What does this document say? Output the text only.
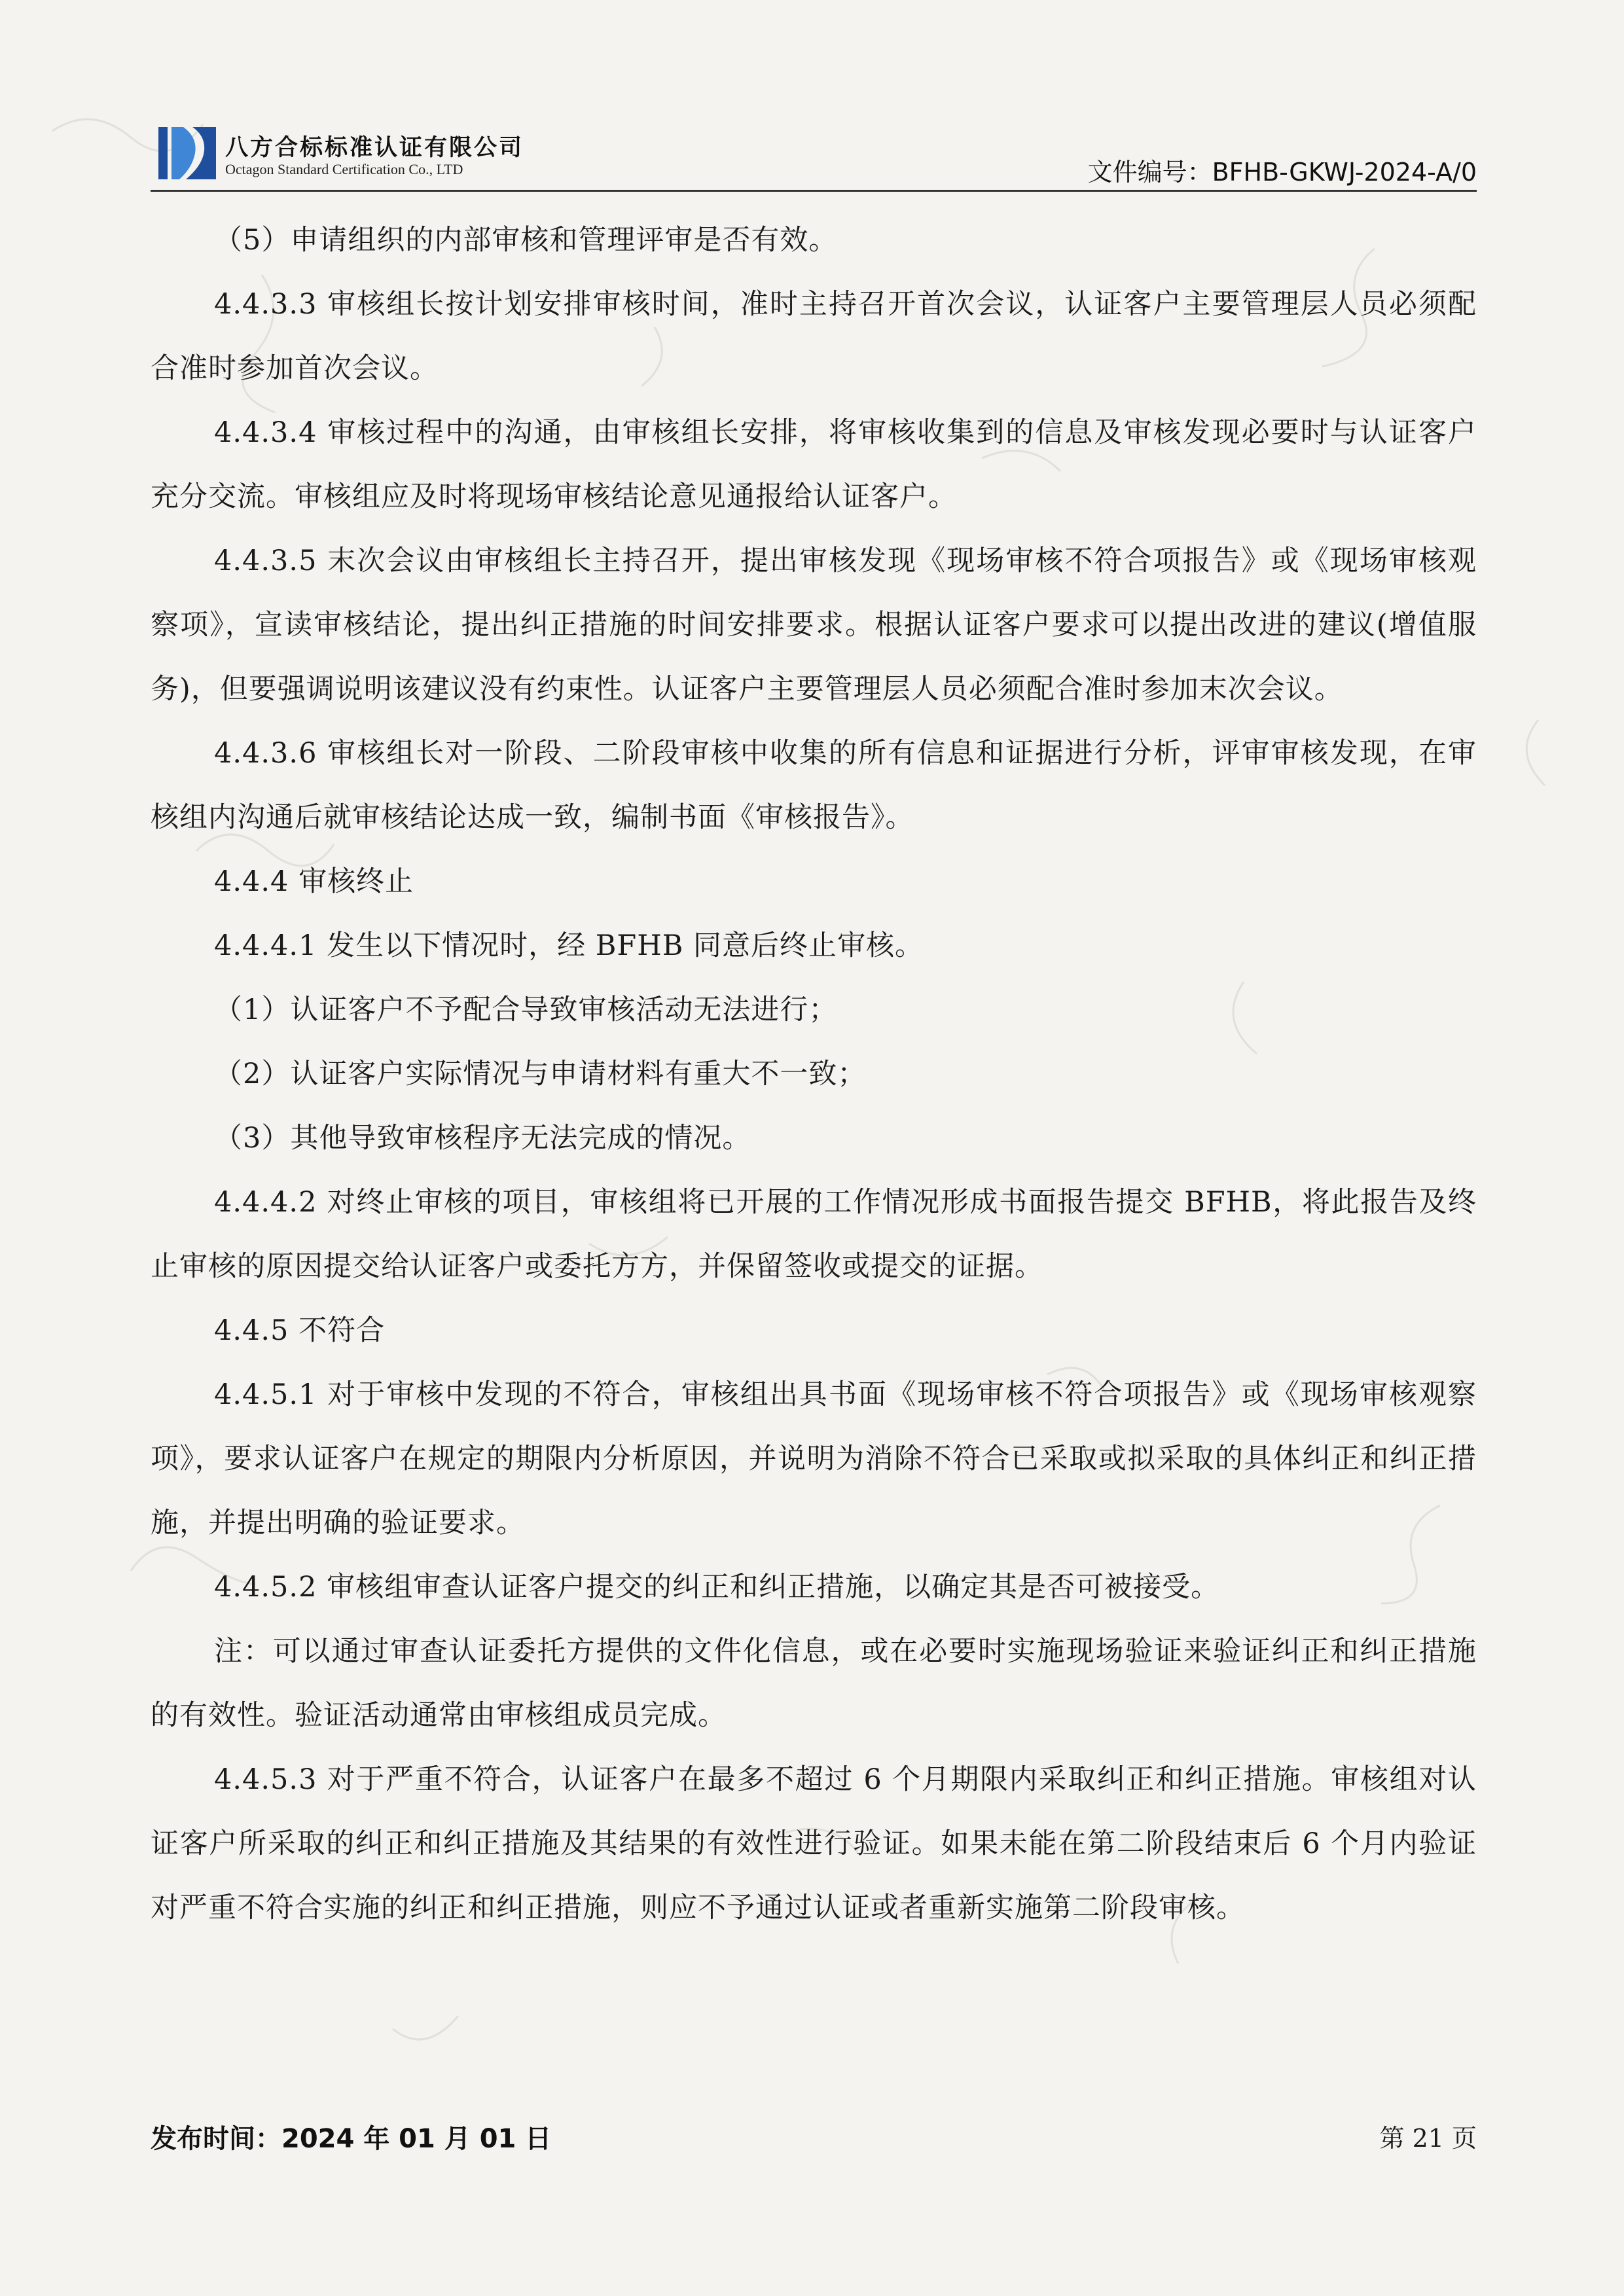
八方合标标准认证有限公司
Octagon Standard Certification Co., LTD	文件编号：BFHB-GKWJ-2024-A/0

（5）申请组织的内部审核和管理评审是否有效。

4.4.3.3 审核组长按计划安排审核时间，准时主持召开首次会议，认证客户主要管理层人员必须配合准时参加首次会议。

4.4.3.4 审核过程中的沟通，由审核组长安排，将审核收集到的信息及审核发现必要时与认证客户充分交流。审核组应及时将现场审核结论意见通报给认证客户。

4.4.3.5 末次会议由审核组长主持召开，提出审核发现《现场审核不符合项报告》或《现场审核观察项》，宣读审核结论，提出纠正措施的时间安排要求。根据认证客户要求可以提出改进的建议(增值服务)，但要强调说明该建议没有约束性。认证客户主要管理层人员必须配合准时参加末次会议。

4.4.3.6 审核组长对一阶段、二阶段审核中收集的所有信息和证据进行分析，评审审核发现，在审核组内沟通后就审核结论达成一致，编制书面《审核报告》。

4.4.4 审核终止

4.4.4.1 发生以下情况时，经 BFHB 同意后终止审核。

（1）认证客户不予配合导致审核活动无法进行；

（2）认证客户实际情况与申请材料有重大不一致；

（3）其他导致审核程序无法完成的情况。

4.4.4.2 对终止审核的项目，审核组将已开展的工作情况形成书面报告提交 BFHB，将此报告及终止审核的原因提交给认证客户或委托方方，并保留签收或提交的证据。

4.4.5 不符合

4.4.5.1 对于审核中发现的不符合，审核组出具书面《现场审核不符合项报告》或《现场审核观察项》，要求认证客户在规定的期限内分析原因，并说明为消除不符合已采取或拟采取的具体纠正和纠正措施，并提出明确的验证要求。

4.4.5.2 审核组审查认证客户提交的纠正和纠正措施，以确定其是否可被接受。

注：可以通过审查认证委托方提供的文件化信息，或在必要时实施现场验证来验证纠正和纠正措施的有效性。验证活动通常由审核组成员完成。

4.4.5.3 对于严重不符合，认证客户在最多不超过 6 个月期限内采取纠正和纠正措施。审核组对认证客户所采取的纠正和纠正措施及其结果的有效性进行验证。如果未能在第二阶段结束后 6 个月内验证对严重不符合实施的纠正和纠正措施，则应不予通过认证或者重新实施第二阶段审核。

发布时间：2024 年 01 月 01 日	第 21 页
